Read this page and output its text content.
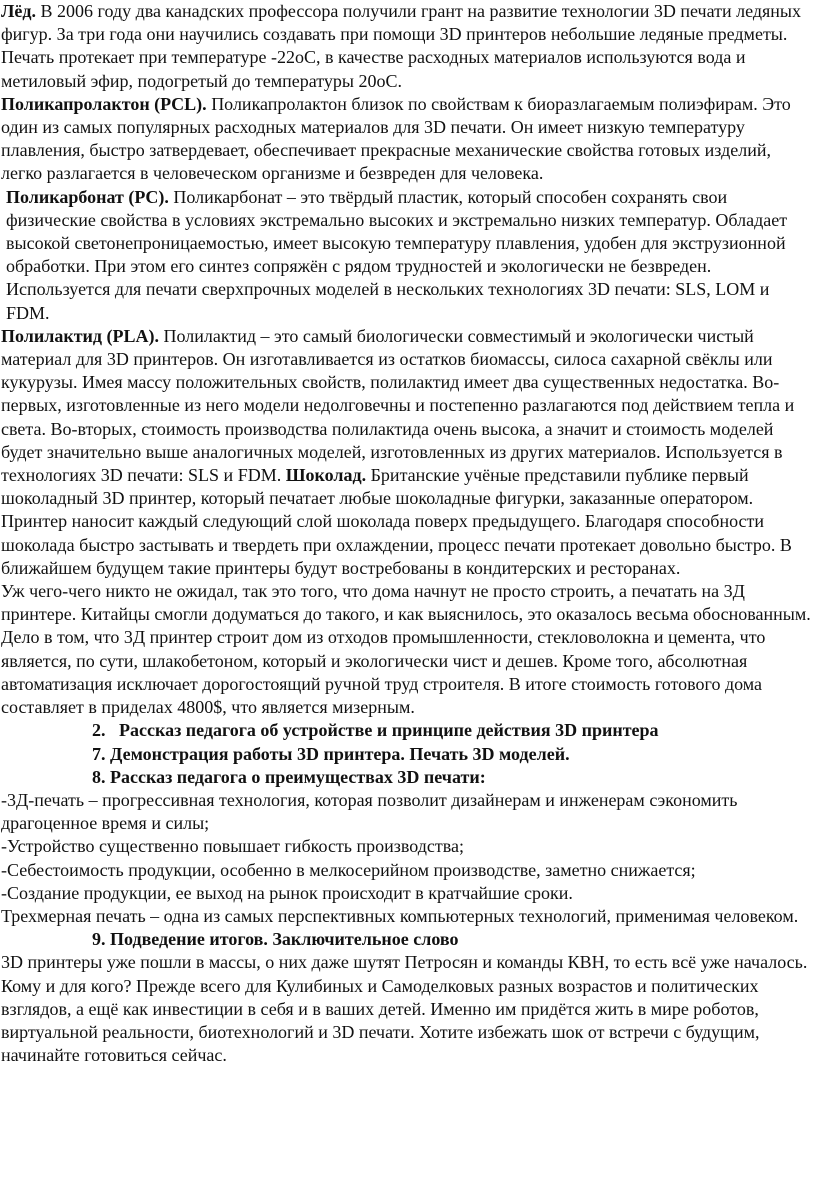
Лёд. В 2006 году два канадских профессора получили грант на развитие технологии 3D печати ледяных фигур. За три года они научились создавать при помощи 3D принтеров небольшие ледяные предметы. Печать протекает при температуре -22оС, в качестве расходных материалов используются вода и метиловый эфир, подогретый до температуры 20оС.

Поликапролактон (PCL). Поликапролактон близок по свойствам к биоразлагаемым полиэфирам. Это один из самых популярных расходных материалов для 3D печати. Он имеет низкую температуру плавления, быстро затвердевает, обеспечивает прекрасные механические свойства готовых изделий, легко разлагается в человеческом организме и безвреден для человека.

Поликарбонат (PC). Поликарбонат – это твёрдый пластик, который способен сохранять свои физические свойства в условиях экстремально высоких и экстремально низких температур. Обладает высокой светонепроницаемостью, имеет высокую температуру плавления, удобен для экструзионной обработки. При этом его синтез сопряжён с рядом трудностей и экологически не безвреден. Используется для печати сверхпрочных моделей в нескольких технологиях 3D печати: SLS, LOM и FDM.

Полилактид (PLA). Полилактид – это самый биологически совместимый и экологически чистый материал для 3D принтеров. Он изготавливается из остатков биомассы, силоса сахарной свёклы или кукурузы. Имея массу положительных свойств, полилактид имеет два существенных недостатка. Во-первых, изготовленные из него модели недолговечны и постепенно разлагаются под действием тепла и света. Во-вторых, стоимость производства полилактида очень высока, а значит и стоимость моделей будет значительно выше аналогичных моделей, изготовленных из других материалов. Используется в технологиях 3D печати: SLS и FDM. Шоколад. Британские учёные представили публике первый шоколадный 3D принтер, который печатает любые шоколадные фигурки, заказанные оператором. Принтер наносит каждый следующий слой шоколада поверх предыдущего. Благодаря способности шоколада быстро застывать и твердеть при охлаждении, процесс печати протекает довольно быстро. В ближайшем будущем такие принтеры будут востребованы в кондитерских и ресторанах.

Уж чего-чего никто не ожидал, так это того, что дома начнут не просто строить, а печатать на 3Д принтере. Китайцы смогли додуматься до такого, и как выяснилось, это оказалось весьма обоснованным.

Дело в том, что 3Д принтер строит дом из отходов промышленности, стекловолокна и цемента, что является, по сути, шлакобетоном, который и экологически чист и дешев. Кроме того, абсолютная автоматизация исключает дорогостоящий ручной труд строителя. В итоге стоимость готового дома составляет в приделах 4800$, что является мизерным.

2. Рассказ педагога об устройстве и принципе действия 3D принтера

7. Демонстрация работы 3D принтера. Печать 3D моделей.

8. Рассказ педагога о преимуществах 3D печати:

-3Д-печать – прогрессивная технология, которая позволит дизайнерам и инженерам сэкономить драгоценное время и силы;

-Устройство существенно повышает гибкость производства;

-Себестоимость продукции, особенно в мелкосерийном производстве, заметно снижается;

-Создание продукции, ее выход на рынок происходит в кратчайшие сроки.

Трехмерная печать – одна из самых перспективных компьютерных технологий, применимая человеком.

9. Подведение итогов. Заключительное слово

3D принтеры уже пошли в массы, о них даже шутят Петросян и команды КВН, то есть всё уже началось.

Кому и для кого? Прежде всего для Кулибиных и Самоделковых разных возрастов и политических взглядов, а ещё как инвестиции в себя и в ваших детей. Именно им придётся жить в мире роботов, виртуальной реальности, биотехнологий и 3D печати. Хотите избежать шок от встречи с будущим, начинайте готовиться сейчас.
